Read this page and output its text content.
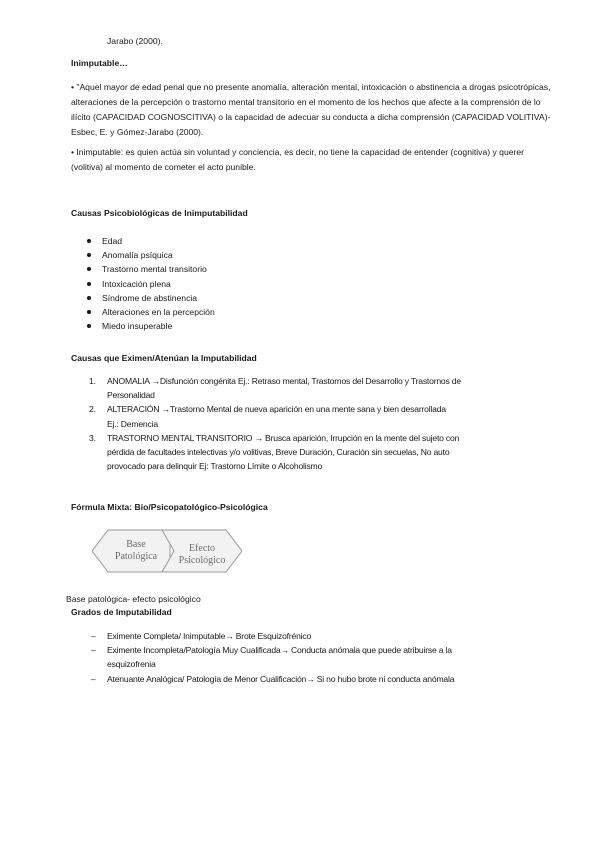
Jarabo (2000).
Inimputable…
• "Aquel mayor de edad penal que no presente anomalía, alteración mental, intoxicación o abstinencia a drogas psicotrópicas, alteraciones de la percepción o trastorno mental transitorio en el momento de los hechos que afecte a la comprensión de lo ilícito (CAPACIDAD COGNOSCITIVA) o la capacidad de adecuar su conducta a dicha comprensión (CAPACIDAD VOLITIVA)-Esbec, E. y Gómez-Jarabo (2000).
• Inimputable: es quien actúa sin voluntad y conciencia, es decir, no tiene la capacidad de entender (cognitiva) y querer (volitiva) al momento de cometer el acto punible.
Causas Psicobiológicas de Inimputabilidad
Edad
Anomalía psíquica
Trastorno mental transitorio
Intoxicación plena
Síndrome de abstinencia
Alteraciones en la percepción
Miedo insuperable
Causas que Eximen/Atenúan la Imputabilidad
1. ANOMALIA →Disfunción congénita Ej.: Retraso mental, Trastornos del Desarrollo y Trastornos de
Personalidad
2. ALTERACIÓN →Trastorno Mental de nueva aparición en una mente sana y bien desarrollada
Ej.: Demencia
3. TRASTORNO MENTAL TRANSITORIO → Brusca aparición, Irrupción en la mente del sujeto con
pérdida de facultades intelectivas y/o volitivas, Breve Duración, Curación sin secuelas, No auto
provocado para delinquir Ej: Trastorno Límite o Alcoholismo
Fórmula Mixta: Bio/Psicopatológico-Psicológica
Base
Patológica
Efecto
Psicológico
Base patológica- efecto psicológico
Grados de Imputabilidad
– Eximente Completa/ Inimputable→ Brote Esquizofrénico
– Eximente Incompleta/Patología Muy Cualificada→ Conducta anómala que puede atribuirse a la
esquizofrenia
– Atenuante Analógica/ Patología de Menor Cualificación→ Si no hubo brote ni conducta anómala
